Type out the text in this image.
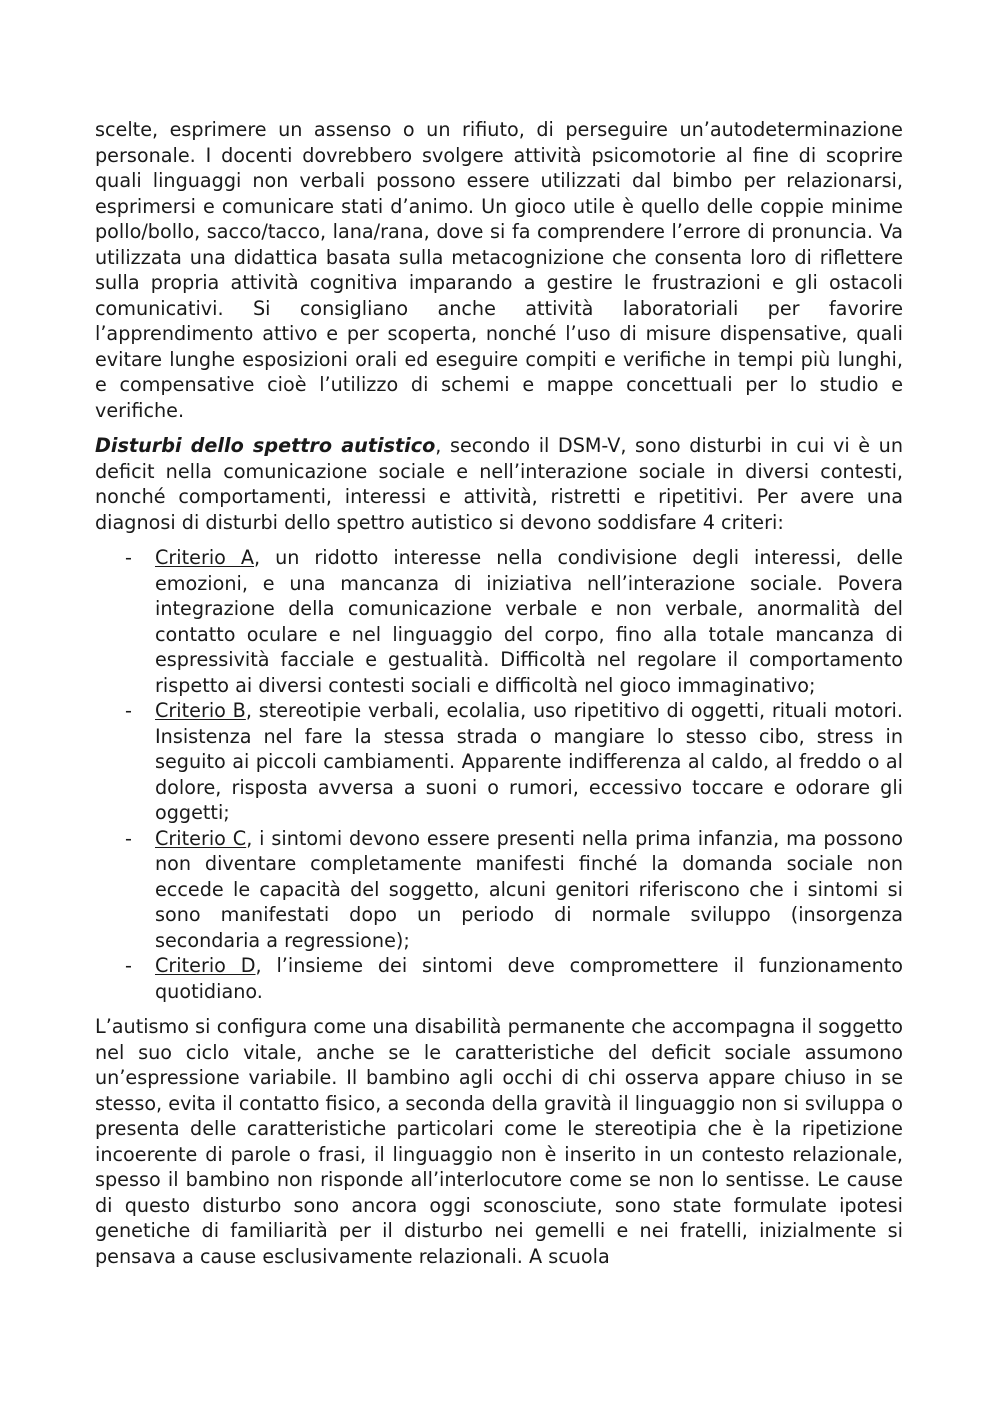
scelte, esprimere un assenso o un rifiuto, di perseguire un’autodeterminazione personale. I docenti dovrebbero svolgere attività psicomotorie al fine di scoprire quali linguaggi non verbali possono essere utilizzati dal bimbo per relazionarsi, esprimersi e comunicare stati d’animo. Un gioco utile è quello delle coppie minime pollo/bollo, sacco/tacco, lana/rana, dove si fa comprendere l’errore di pronuncia. Va utilizzata una didattica basata sulla metacognizione che consenta loro di riflettere sulla propria attività cognitiva imparando a gestire le frustrazioni e gli ostacoli comunicativi. Si consigliano anche attività laboratoriali per favorire l’apprendimento attivo e per scoperta, nonché l’uso di misure dispensative, quali evitare lunghe esposizioni orali ed eseguire compiti e verifiche in tempi più lunghi, e compensative cioè l’utilizzo di schemi e mappe concettuali per lo studio e verifiche.

Disturbi dello spettro autistico, secondo il DSM-V, sono disturbi in cui vi è un deficit nella comunicazione sociale e nell’interazione sociale in diversi contesti, nonché comportamenti, interessi e attività, ristretti e ripetitivi. Per avere una diagnosi di disturbi dello spettro autistico si devono soddisfare 4 criteri:

- Criterio A, un ridotto interesse nella condivisione degli interessi, delle emozioni, e una mancanza di iniziativa nell’interazione sociale. Povera integrazione della comunicazione verbale e non verbale, anormalità del contatto oculare e nel linguaggio del corpo, fino alla totale mancanza di espressività facciale e gestualità. Difficoltà nel regolare il comportamento rispetto ai diversi contesti sociali e difficoltà nel gioco immaginativo;
- Criterio B, stereotipie verbali, ecolalia, uso ripetitivo di oggetti, rituali motori. Insistenza nel fare la stessa strada o mangiare lo stesso cibo, stress in seguito ai piccoli cambiamenti. Apparente indifferenza al caldo, al freddo o al dolore, risposta avversa a suoni o rumori, eccessivo toccare e odorare gli oggetti;
- Criterio C, i sintomi devono essere presenti nella prima infanzia, ma possono non diventare completamente manifesti finché la domanda sociale non eccede le capacità del soggetto, alcuni genitori riferiscono che i sintomi si sono manifestati dopo un periodo di normale sviluppo (insorgenza secondaria a regressione);
- Criterio D, l’insieme dei sintomi deve compromettere il funzionamento quotidiano.

L’autismo si configura come una disabilità permanente che accompagna il soggetto nel suo ciclo vitale, anche se le caratteristiche del deficit sociale assumono un’espressione variabile. Il bambino agli occhi di chi osserva appare chiuso in se stesso, evita il contatto fisico, a seconda della gravità il linguaggio non si sviluppa o presenta delle caratteristiche particolari come le stereotipia che è la ripetizione incoerente di parole o frasi, il linguaggio non è inserito in un contesto relazionale, spesso il bambino non risponde all’interlocutore come se non lo sentisse. Le cause di questo disturbo sono ancora oggi sconosciute, sono state formulate ipotesi genetiche di familiarità per il disturbo nei gemelli e nei fratelli, inizialmente si pensava a cause esclusivamente relazionali. A scuola
